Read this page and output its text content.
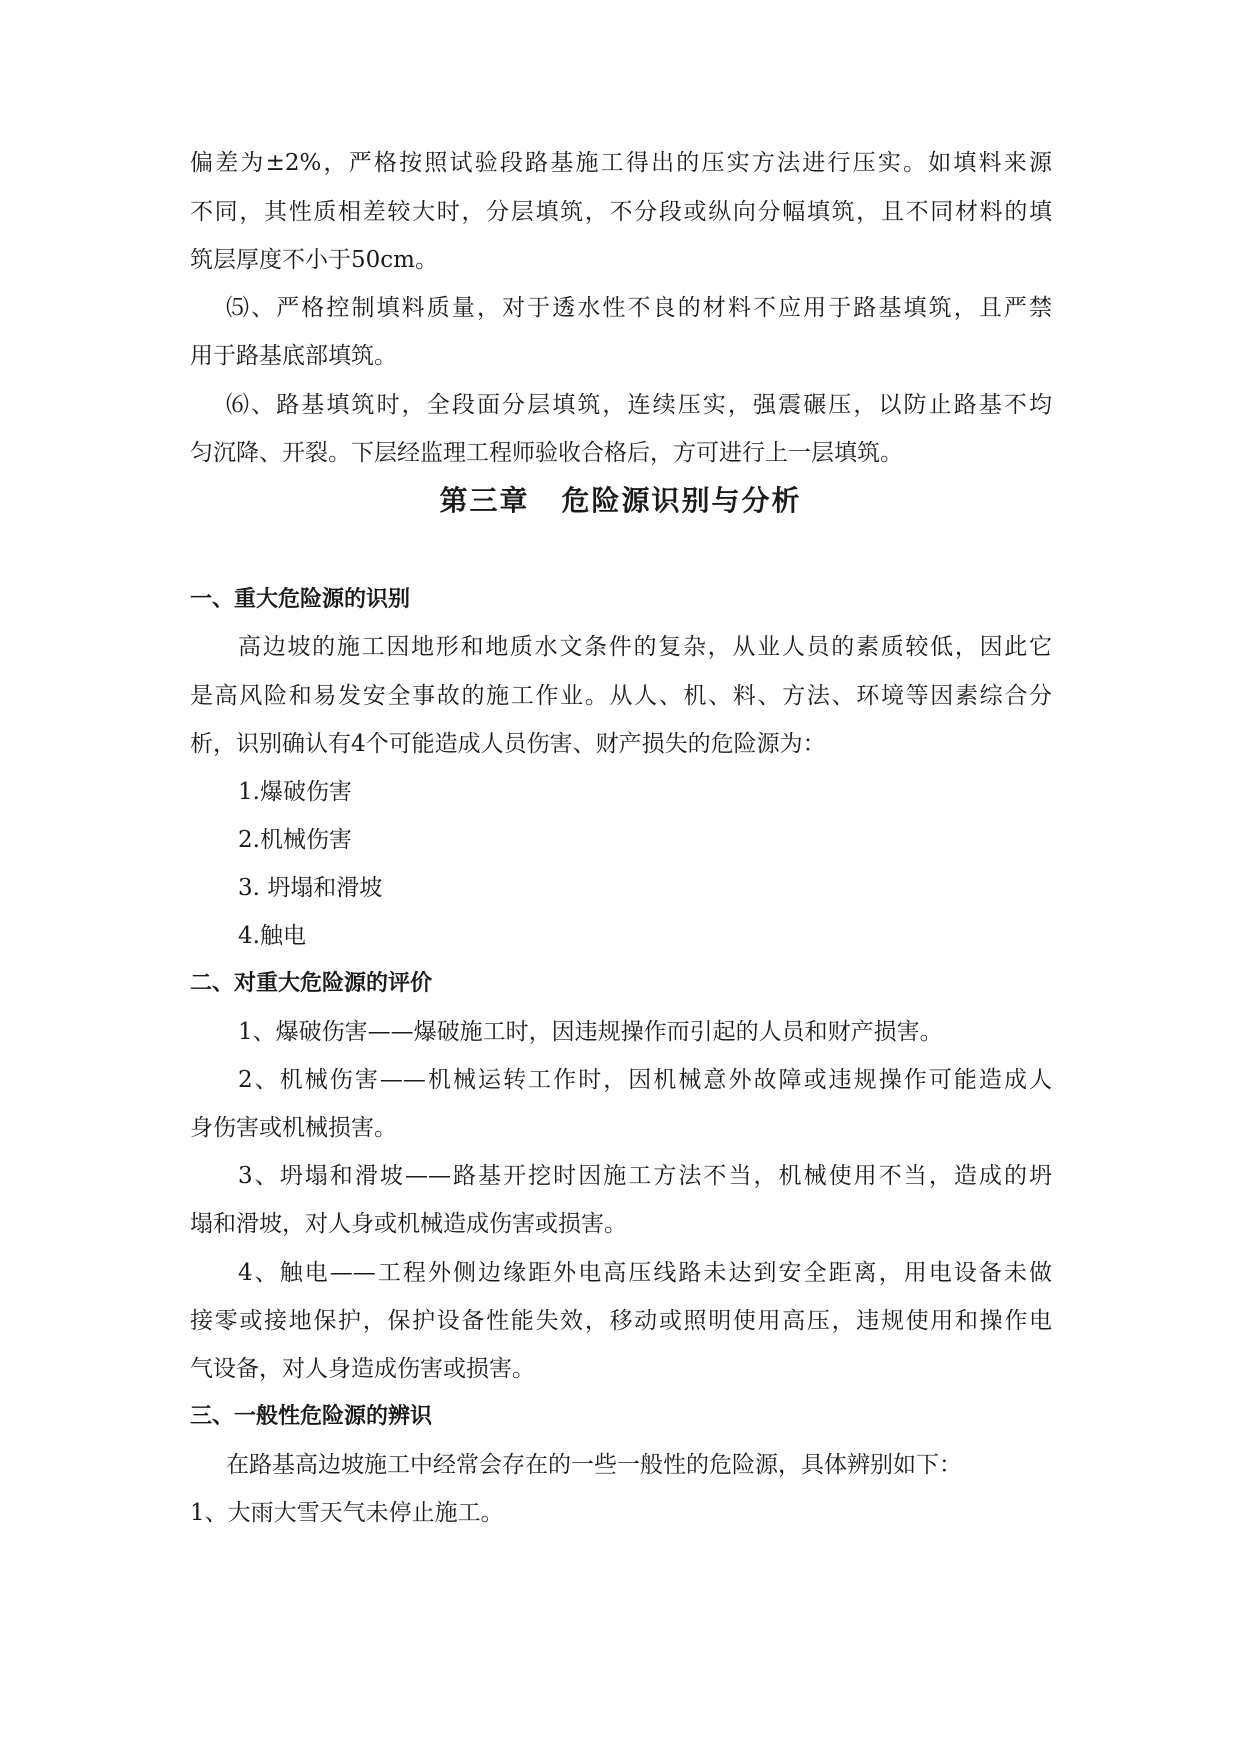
偏差为±2%，严格按照试验段路基施工得出的压实方法进行压实。如填料来源
不同，其性质相差较大时，分层填筑，不分段或纵向分幅填筑，且不同材料的填
筑层厚度不小于50cm。
⑸、严格控制填料质量，对于透水性不良的材料不应用于路基填筑，且严禁
用于路基底部填筑。
⑹、路基填筑时，全段面分层填筑，连续压实，强震碾压，以防止路基不均
匀沉降、开裂。下层经监理工程师验收合格后，方可进行上一层填筑。
第三章 危险源识别与分析
一、重大危险源的识别
高边坡的施工因地形和地质水文条件的复杂，从业人员的素质较低，因此它
是高风险和易发安全事故的施工作业。从人、机、料、方法、环境等因素综合分
析，识别确认有4个可能造成人员伤害、财产损失的危险源为：
1.爆破伤害
2.机械伤害
3. 坍塌和滑坡
4.触电
二、对重大危险源的评价
1、爆破伤害——爆破施工时，因违规操作而引起的人员和财产损害。
2、机械伤害——机械运转工作时，因机械意外故障或违规操作可能造成人
身伤害或机械损害。
3、坍塌和滑坡——路基开挖时因施工方法不当，机械使用不当，造成的坍
塌和滑坡，对人身或机械造成伤害或损害。
4、触电——工程外侧边缘距外电高压线路未达到安全距离，用电设备未做
接零或接地保护，保护设备性能失效，移动或照明使用高压，违规使用和操作电
气设备，对人身造成伤害或损害。
三、一般性危险源的辨识
在路基高边坡施工中经常会存在的一些一般性的危险源，具体辨别如下：
1、大雨大雪天气未停止施工。
